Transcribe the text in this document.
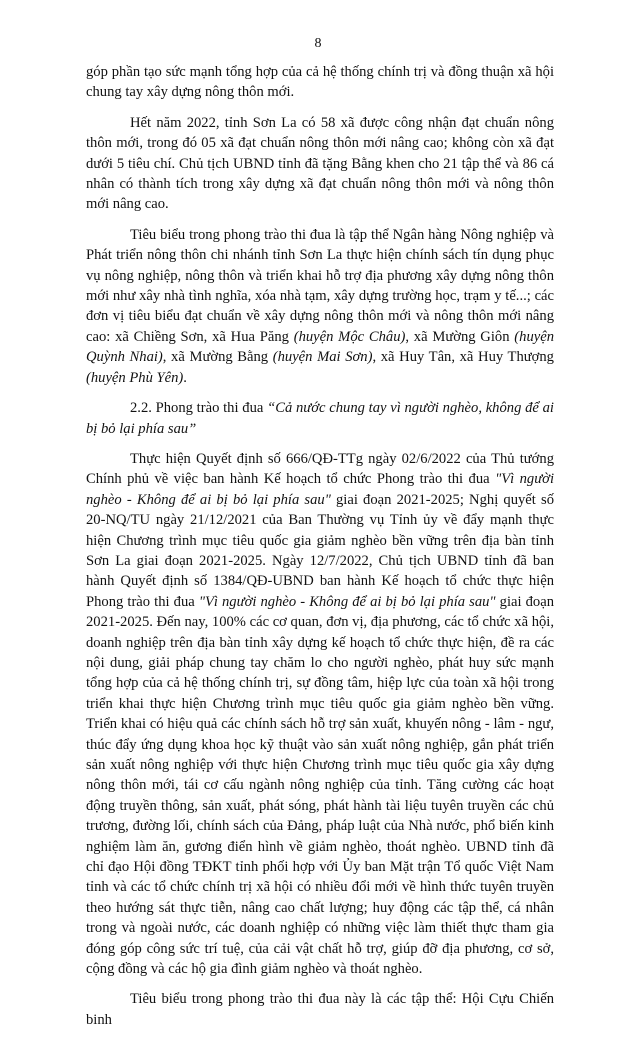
8

góp phần tạo sức mạnh tổng hợp của cả hệ thống chính trị và đồng thuận xã hội chung tay xây dựng nông thôn mới.

Hết năm 2022, tỉnh Sơn La có 58 xã được công nhận đạt chuẩn nông thôn mới, trong đó 05 xã đạt chuẩn nông thôn mới nâng cao; không còn xã đạt dưới 5 tiêu chí. Chủ tịch UBND tỉnh đã tặng Bằng khen cho 21 tập thể và 86 cá nhân có thành tích trong xây dựng xã đạt chuẩn nông thôn mới và nông thôn mới nâng cao.

Tiêu biểu trong phong trào thi đua là tập thể Ngân hàng Nông nghiệp và Phát triển nông thôn chi nhánh tỉnh Sơn La thực hiện chính sách tín dụng phục vụ nông nghiệp, nông thôn và triển khai hỗ trợ địa phương xây dựng nông thôn mới như xây nhà tình nghĩa, xóa nhà tạm, xây dựng trường học, trạm y tế...; các đơn vị tiêu biểu đạt chuẩn về xây dựng nông thôn mới và nông thôn mới nâng cao: xã Chiềng Sơn, xã Hua Păng (huyện Mộc Châu), xã Mường Giôn (huyện Quỳnh Nhai), xã Mường Bằng (huyện Mai Sơn), xã Huy Tân, xã Huy Thượng (huyện Phù Yên).

2.2. Phong trào thi đua “Cả nước chung tay vì người nghèo, không để ai bị bỏ lại phía sau”

Thực hiện Quyết định số 666/QĐ-TTg ngày 02/6/2022 của Thủ tướng Chính phủ về việc ban hành Kế hoạch tổ chức Phong trào thi đua "Vì người nghèo - Không để ai bị bỏ lại phía sau" giai đoạn 2021-2025; Nghị quyết số 20-NQ/TU ngày 21/12/2021 của Ban Thường vụ Tỉnh ủy về đẩy mạnh thực hiện Chương trình mục tiêu quốc gia giảm nghèo bền vững trên địa bàn tỉnh Sơn La giai đoạn 2021-2025. Ngày 12/7/2022, Chủ tịch UBND tỉnh đã ban hành Quyết định số 1384/QĐ-UBND ban hành Kế hoạch tổ chức thực hiện Phong trào thi đua "Vì người nghèo - Không để ai bị bỏ lại phía sau" giai đoạn 2021-2025. Đến nay, 100% các cơ quan, đơn vị, địa phương, các tổ chức xã hội, doanh nghiệp trên địa bàn tỉnh xây dựng kế hoạch tổ chức thực hiện, đề ra các nội dung, giải pháp chung tay chăm lo cho người nghèo, phát huy sức mạnh tổng hợp của cả hệ thống chính trị, sự đồng tâm, hiệp lực của toàn xã hội trong triển khai thực hiện Chương trình mục tiêu quốc gia giảm nghèo bền vững. Triển khai có hiệu quả các chính sách hỗ trợ sản xuất, khuyến nông - lâm - ngư, thúc đẩy ứng dụng khoa học kỹ thuật vào sản xuất nông nghiệp, gắn phát triển sản xuất nông nghiệp với thực hiện Chương trình mục tiêu quốc gia xây dựng nông thôn mới, tái cơ cấu ngành nông nghiệp của tỉnh. Tăng cường các hoạt động truyền thông, sản xuất, phát sóng, phát hành tài liệu tuyên truyền các chủ trương, đường lối, chính sách của Đảng, pháp luật của Nhà nước, phổ biến kinh nghiệm làm ăn, gương điển hình về giảm nghèo, thoát nghèo. UBND tỉnh đã chỉ đạo Hội đồng TĐKT tỉnh phối hợp với Ủy ban Mặt trận Tổ quốc Việt Nam tỉnh và các tổ chức chính trị xã hội có nhiều đổi mới về hình thức tuyên truyền theo hướng sát thực tiễn, nâng cao chất lượng; huy động các tập thể, cá nhân trong và ngoài nước, các doanh nghiệp có những việc làm thiết thực tham gia đóng góp công sức trí tuệ, của cải vật chất hỗ trợ, giúp đỡ địa phương, cơ sở, cộng đồng và các hộ gia đình giảm nghèo và thoát nghèo.

Tiêu biểu trong phong trào thi đua này là các tập thể: Hội Cựu Chiến binh
